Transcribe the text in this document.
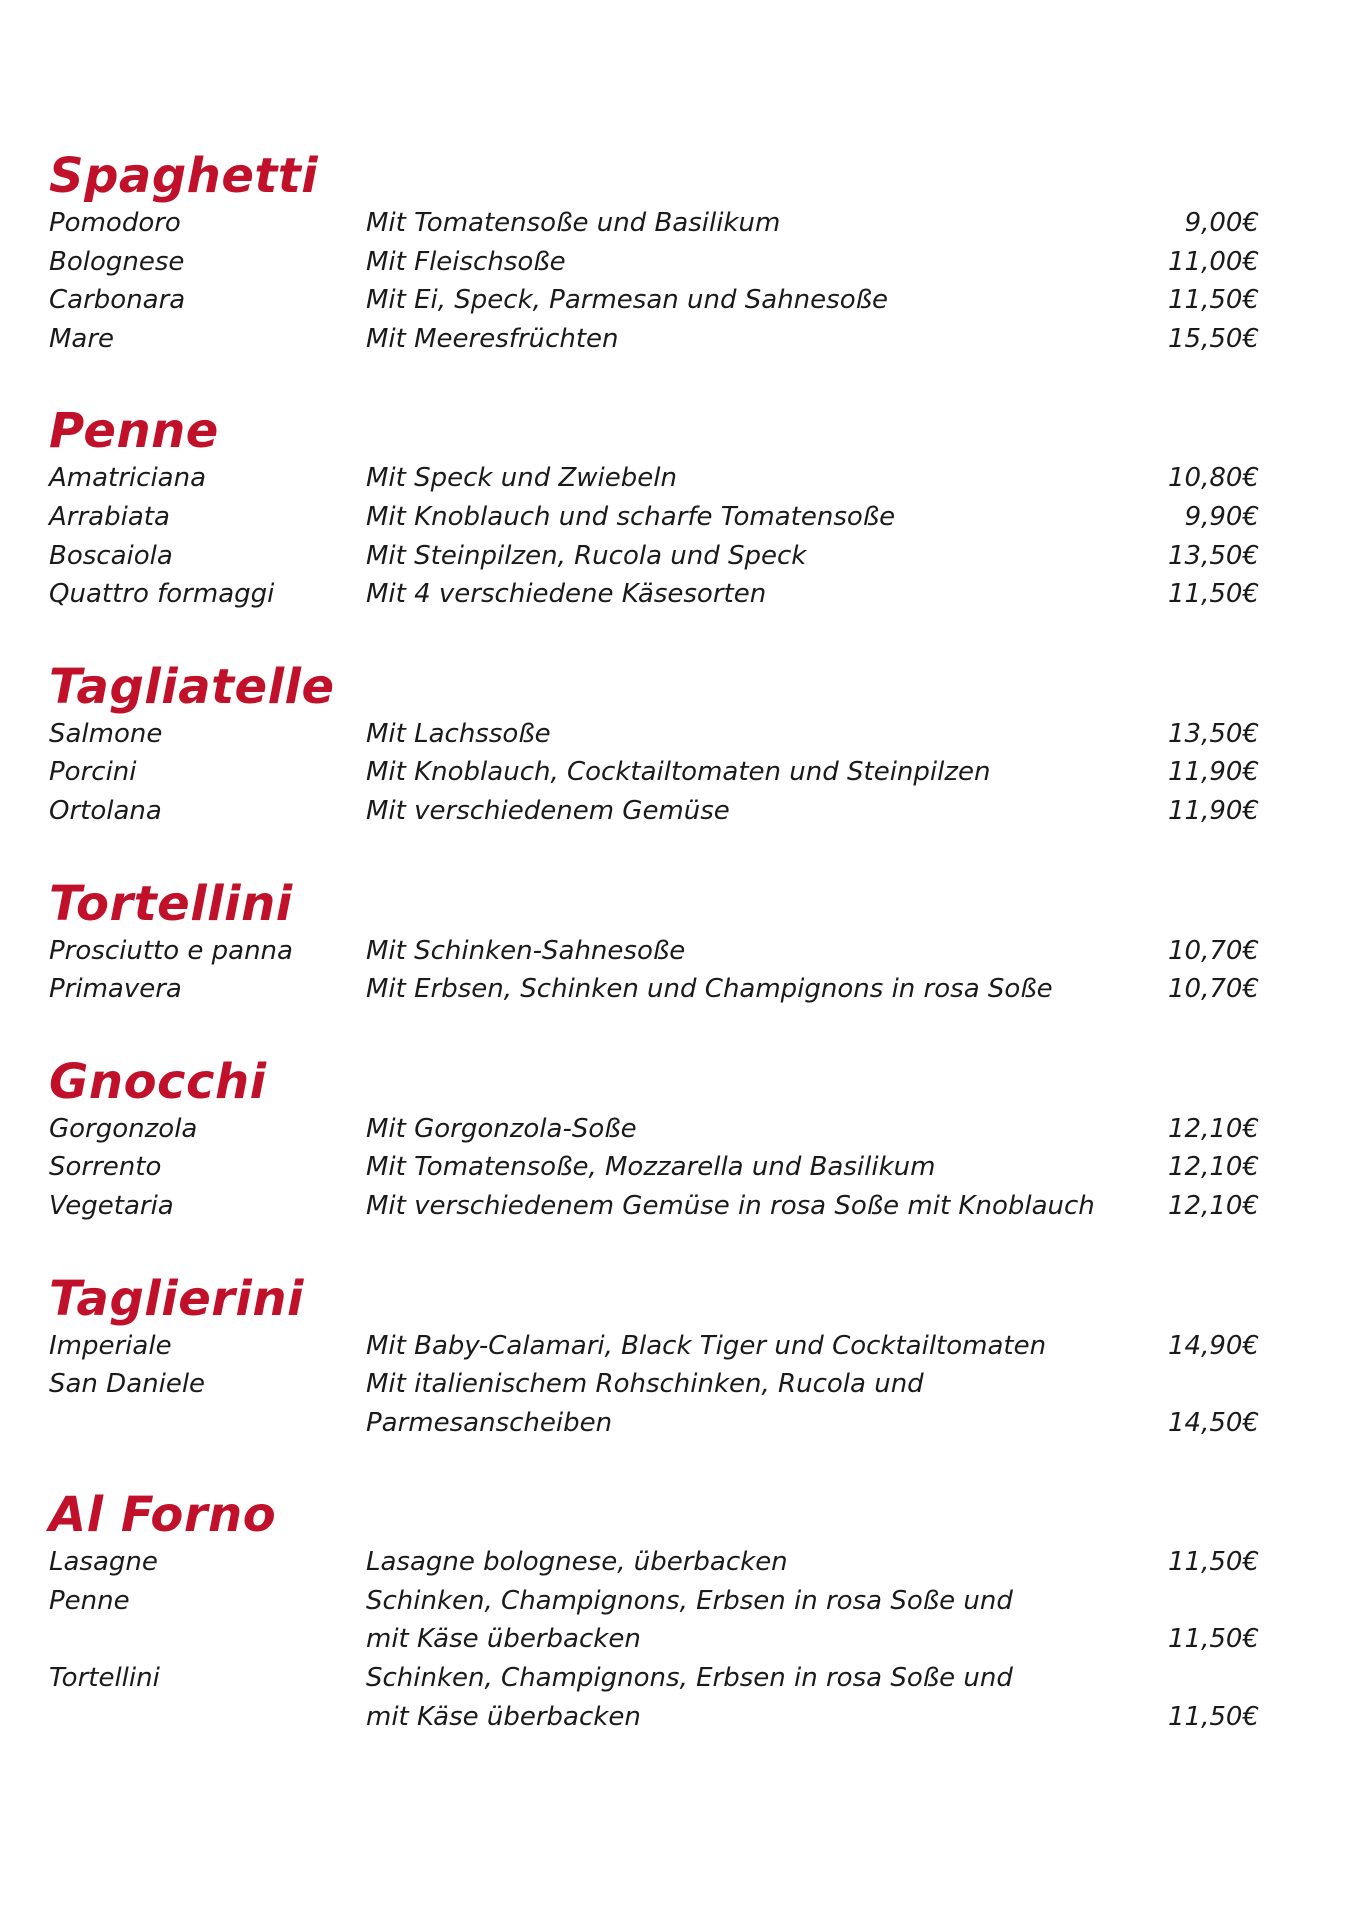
Spaghetti
Pomodoro	Mit Tomatensoße und Basilikum	9,00€
Bolognese	Mit Fleischsoße	11,00€
Carbonara	Mit Ei, Speck, Parmesan und Sahnesoße	11,50€
Mare	Mit Meeresfrüchten	15,50€
Penne
Amatriciana	Mit Speck und Zwiebeln	10,80€
Arrabiata	Mit Knoblauch und scharfe Tomatensoße	9,90€
Boscaiola	Mit Steinpilzen, Rucola und Speck	13,50€
Quattro formaggi	Mit 4 verschiedene Käsesorten	11,50€
Tagliatelle
Salmone	Mit Lachssoße	13,50€
Porcini	Mit Knoblauch, Cocktailtomaten und Steinpilzen	11,90€
Ortolana	Mit verschiedenem Gemüse	11,90€
Tortellini
Prosciutto e panna	Mit Schinken-Sahnesoße	10,70€
Primavera	Mit Erbsen, Schinken und Champignons in rosa Soße	10,70€
Gnocchi
Gorgonzola	Mit Gorgonzola-Soße	12,10€
Sorrento	Mit Tomatensoße, Mozzarella und Basilikum	12,10€
Vegetaria	Mit verschiedenem Gemüse in rosa Soße mit Knoblauch	12,10€
Taglierini
Imperiale	Mit Baby-Calamari, Black Tiger und Cocktailtomaten	14,90€
San Daniele	Mit italienischem Rohschinken, Rucola und Parmesanscheiben	14,50€
Al Forno
Lasagne	Lasagne bolognese, überbacken	11,50€
Penne	Schinken, Champignons, Erbsen in rosa Soße und
mit Käse überbacken	11,50€
Tortellini	Schinken, Champignons, Erbsen in rosa Soße und
mit Käse überbacken	11,50€
